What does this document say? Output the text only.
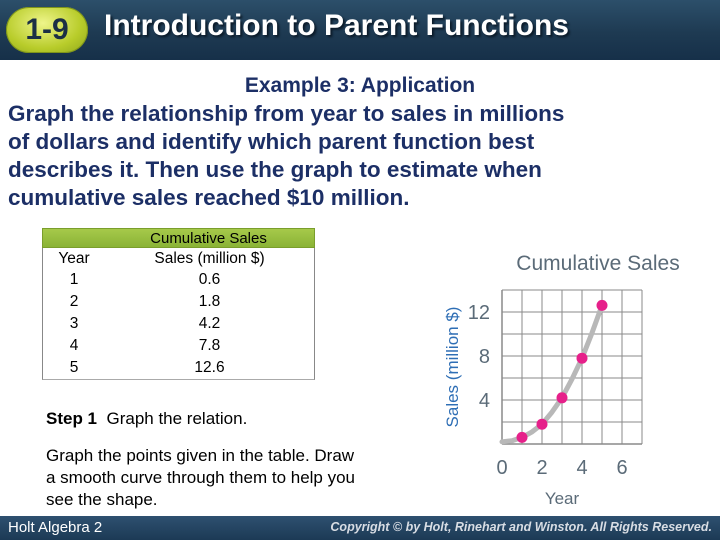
1-9	Introduction to Parent Functions
Example 3: Application
Graph the relationship from year to sales in millions
of dollars and identify which parent function best
describes it. Then use the graph to estimate when
cumulative sales reached $10 million.
Cumulative Sales
Year	Sales (million $)
1	0.6
2	1.8
3	4.2
4	7.8
5	12.6
Step 1 Graph the relation.
Graph the points given in the table. Draw
a smooth curve through them to help you
see the shape.
Cumulative Sales
Sales (million $)
Year
0 2 4 6
4
8
12
Holt Algebra 2	Copyright © by Holt, Rinehart and Winston. All Rights Reserved.
